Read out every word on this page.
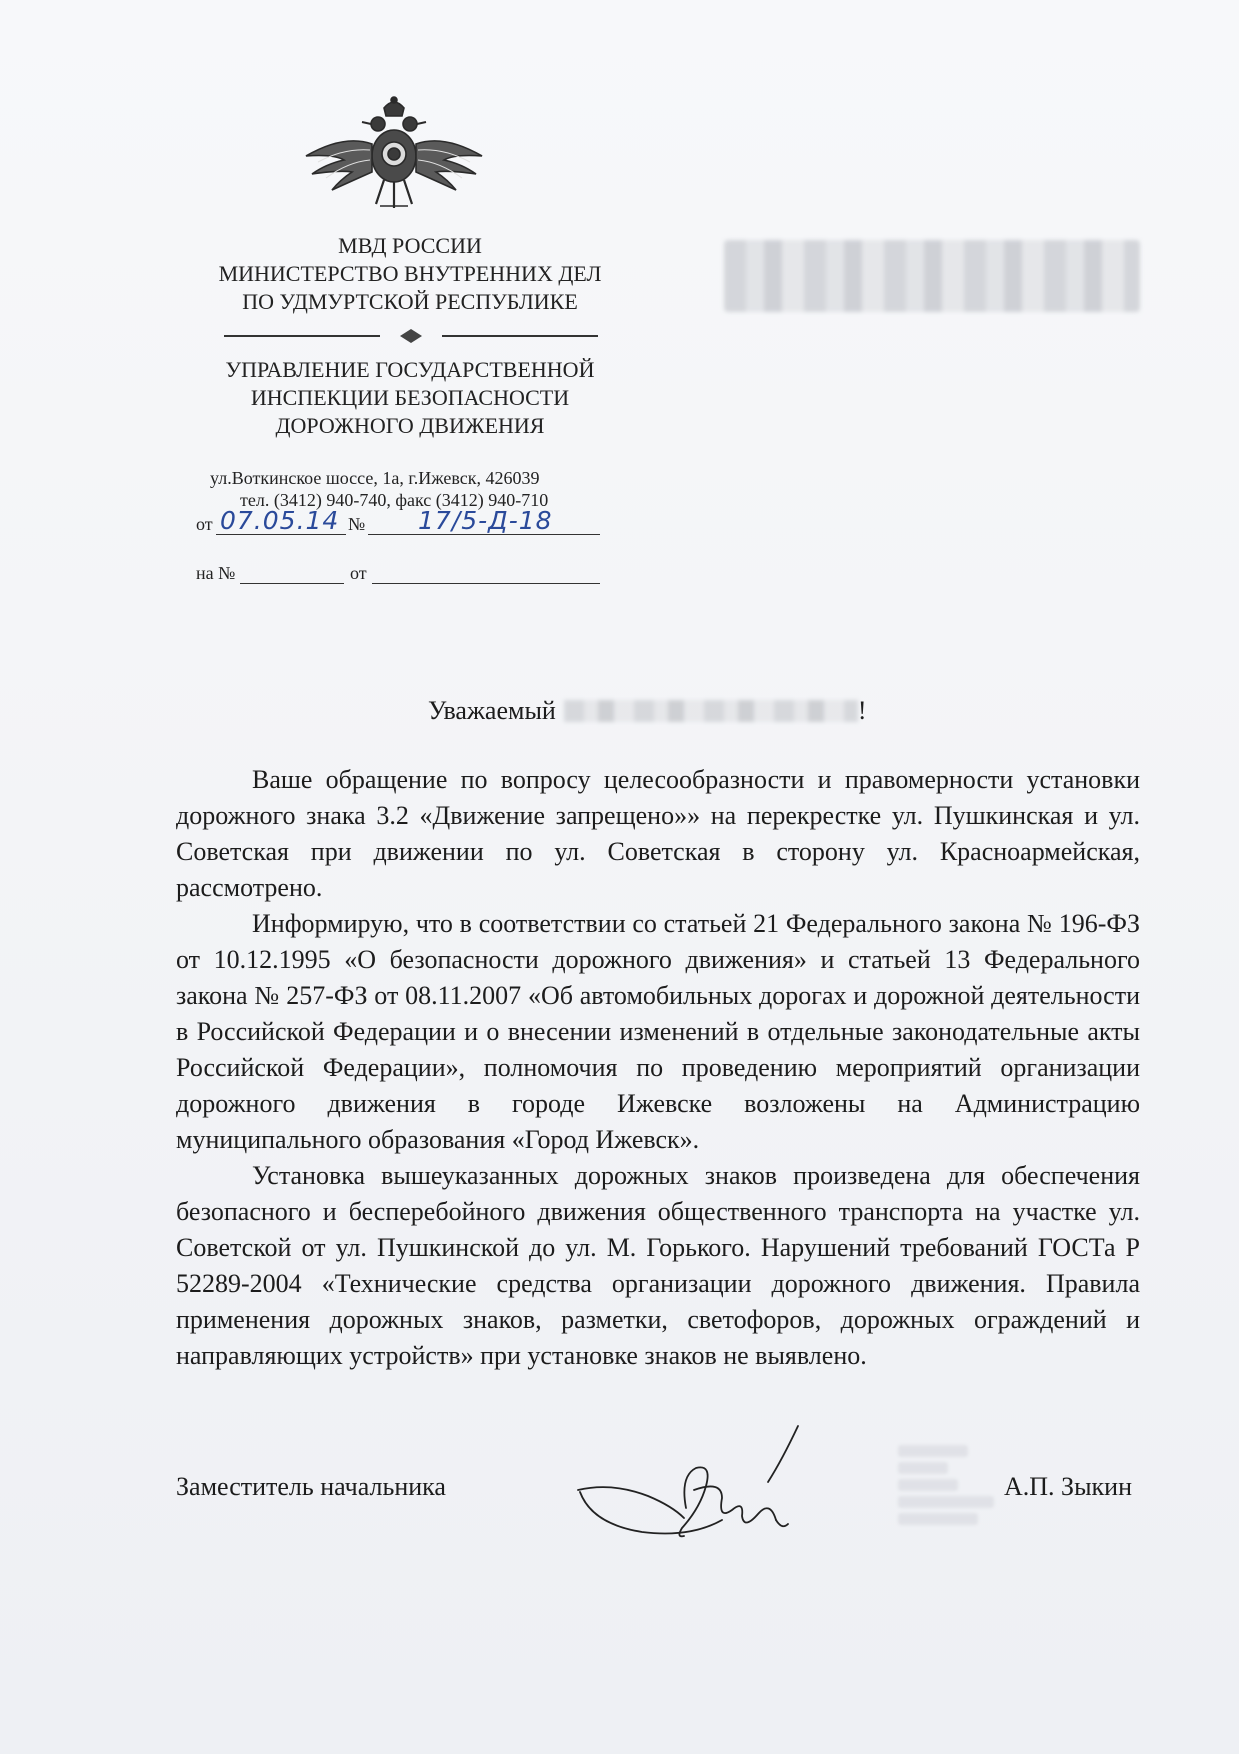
МВД РОССИИ
МИНИСТЕРСТВО ВНУТРЕННИХ ДЕЛ
ПО УДМУРТСКОЙ РЕСПУБЛИКЕ
УПРАВЛЕНИЕ ГОСУДАРСТВЕННОЙ
ИНСПЕКЦИИ БЕЗОПАСНОСТИ
ДОРОЖНОГО ДВИЖЕНИЯ
ул.Воткинское шоссе, 1а, г.Ижевск, 426039
тел. (3412) 940-740, факс (3412) 940-710
от 07.05.14 № 17/5-Д-18
на №	от
Уважаемый	!

Ваше обращение по вопросу целесообразности и правомерности установки дорожного знака 3.2 «Движение запрещено»» на перекрестке ул. Пушкинская и ул. Советская при движении по ул. Советская в сторону ул. Красноармейская, рассмотрено.

Информирую, что в соответствии со статьей 21 Федерального закона № 196-ФЗ от 10.12.1995 «О безопасности дорожного движения» и статьей 13 Федерального закона № 257-ФЗ от 08.11.2007 «Об автомобильных дорогах и дорожной деятельности в Российской Федерации и о внесении изменений в отдельные законодательные акты Российской Федерации», полномочия по проведению мероприятий организации дорожного движения в городе Ижевске возложены на Администрацию муниципального образования «Город Ижевск».

Установка вышеуказанных дорожных знаков произведена для обеспечения безопасного и бесперебойного движения общественного транспорта на участке ул. Советской от ул. Пушкинской до ул. М. Горького. Нарушений требований ГОСТа Р 52289-2004 «Технические средства организации дорожного движения. Правила применения дорожных знаков, разметки, светофоров, дорожных ограждений и направляющих устройств» при установке знаков не выявлено.

Заместитель начальника	А.П. Зыкин
